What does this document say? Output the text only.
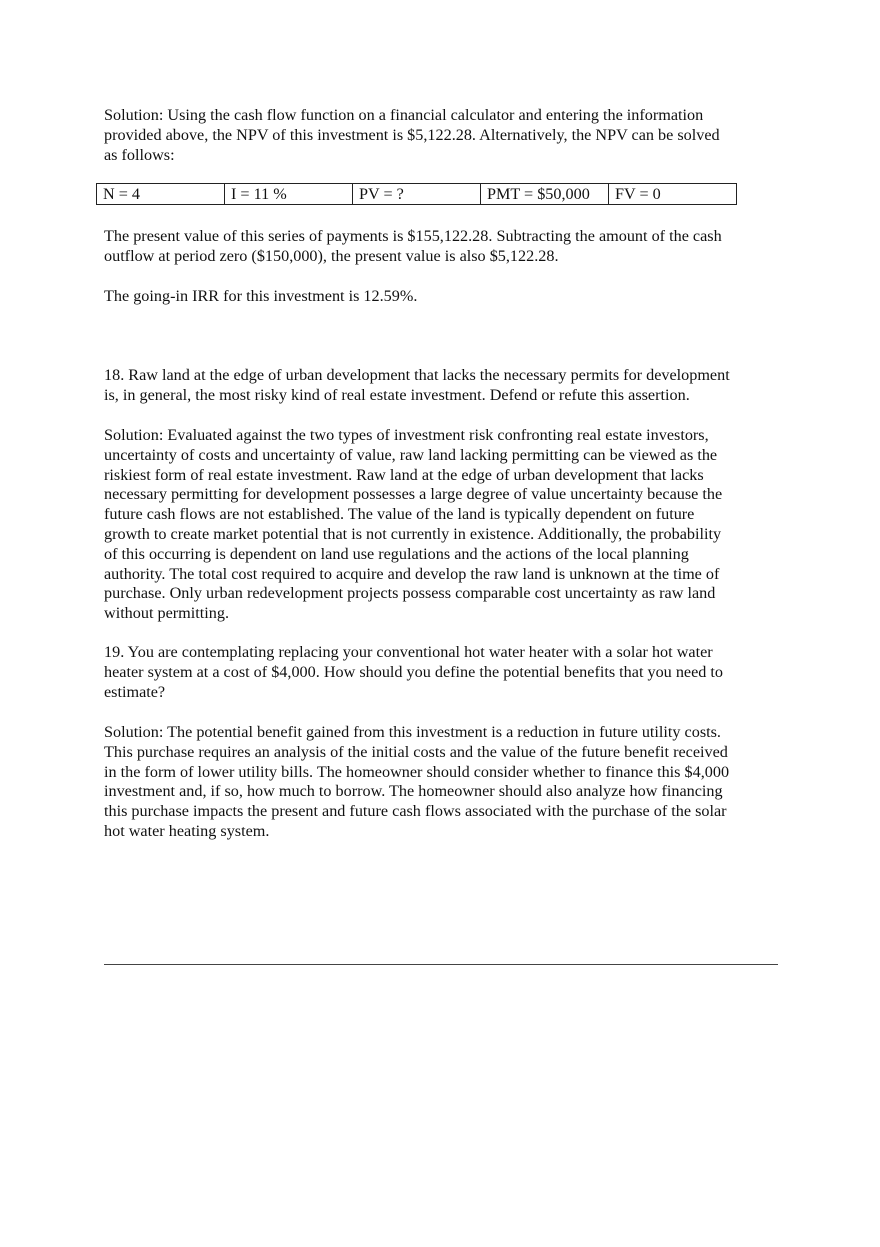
Solution: Using the cash flow function on a financial calculator and entering the information
provided above, the NPV of this investment is $5,122.28. Alternatively, the NPV can be solved
as follows:

N = 4	I = 11 %	PV = ?	PMT = $50,000	FV = 0

The present value of this series of payments is $155,122.28. Subtracting the amount of the cash
outflow at period zero ($150,000), the present value is also $5,122.28.

The going-in IRR for this investment is 12.59%.

18. Raw land at the edge of urban development that lacks the necessary permits for development
is, in general, the most risky kind of real estate investment. Defend or refute this assertion.

Solution: Evaluated against the two types of investment risk confronting real estate investors,
uncertainty of costs and uncertainty of value, raw land lacking permitting can be viewed as the
riskiest form of real estate investment. Raw land at the edge of urban development that lacks
necessary permitting for development possesses a large degree of value uncertainty because the
future cash flows are not established. The value of the land is typically dependent on future
growth to create market potential that is not currently in existence. Additionally, the probability
of this occurring is dependent on land use regulations and the actions of the local planning
authority. The total cost required to acquire and develop the raw land is unknown at the time of
purchase. Only urban redevelopment projects possess comparable cost uncertainty as raw land
without permitting.

19. You are contemplating replacing your conventional hot water heater with a solar hot water
heater system at a cost of $4,000. How should you define the potential benefits that you need to
estimate?

Solution: The potential benefit gained from this investment is a reduction in future utility costs.
This purchase requires an analysis of the initial costs and the value of the future benefit received
in the form of lower utility bills. The homeowner should consider whether to finance this $4,000
investment and, if so, how much to borrow. The homeowner should also analyze how financing
this purchase impacts the present and future cash flows associated with the purchase of the solar
hot water heating system.
